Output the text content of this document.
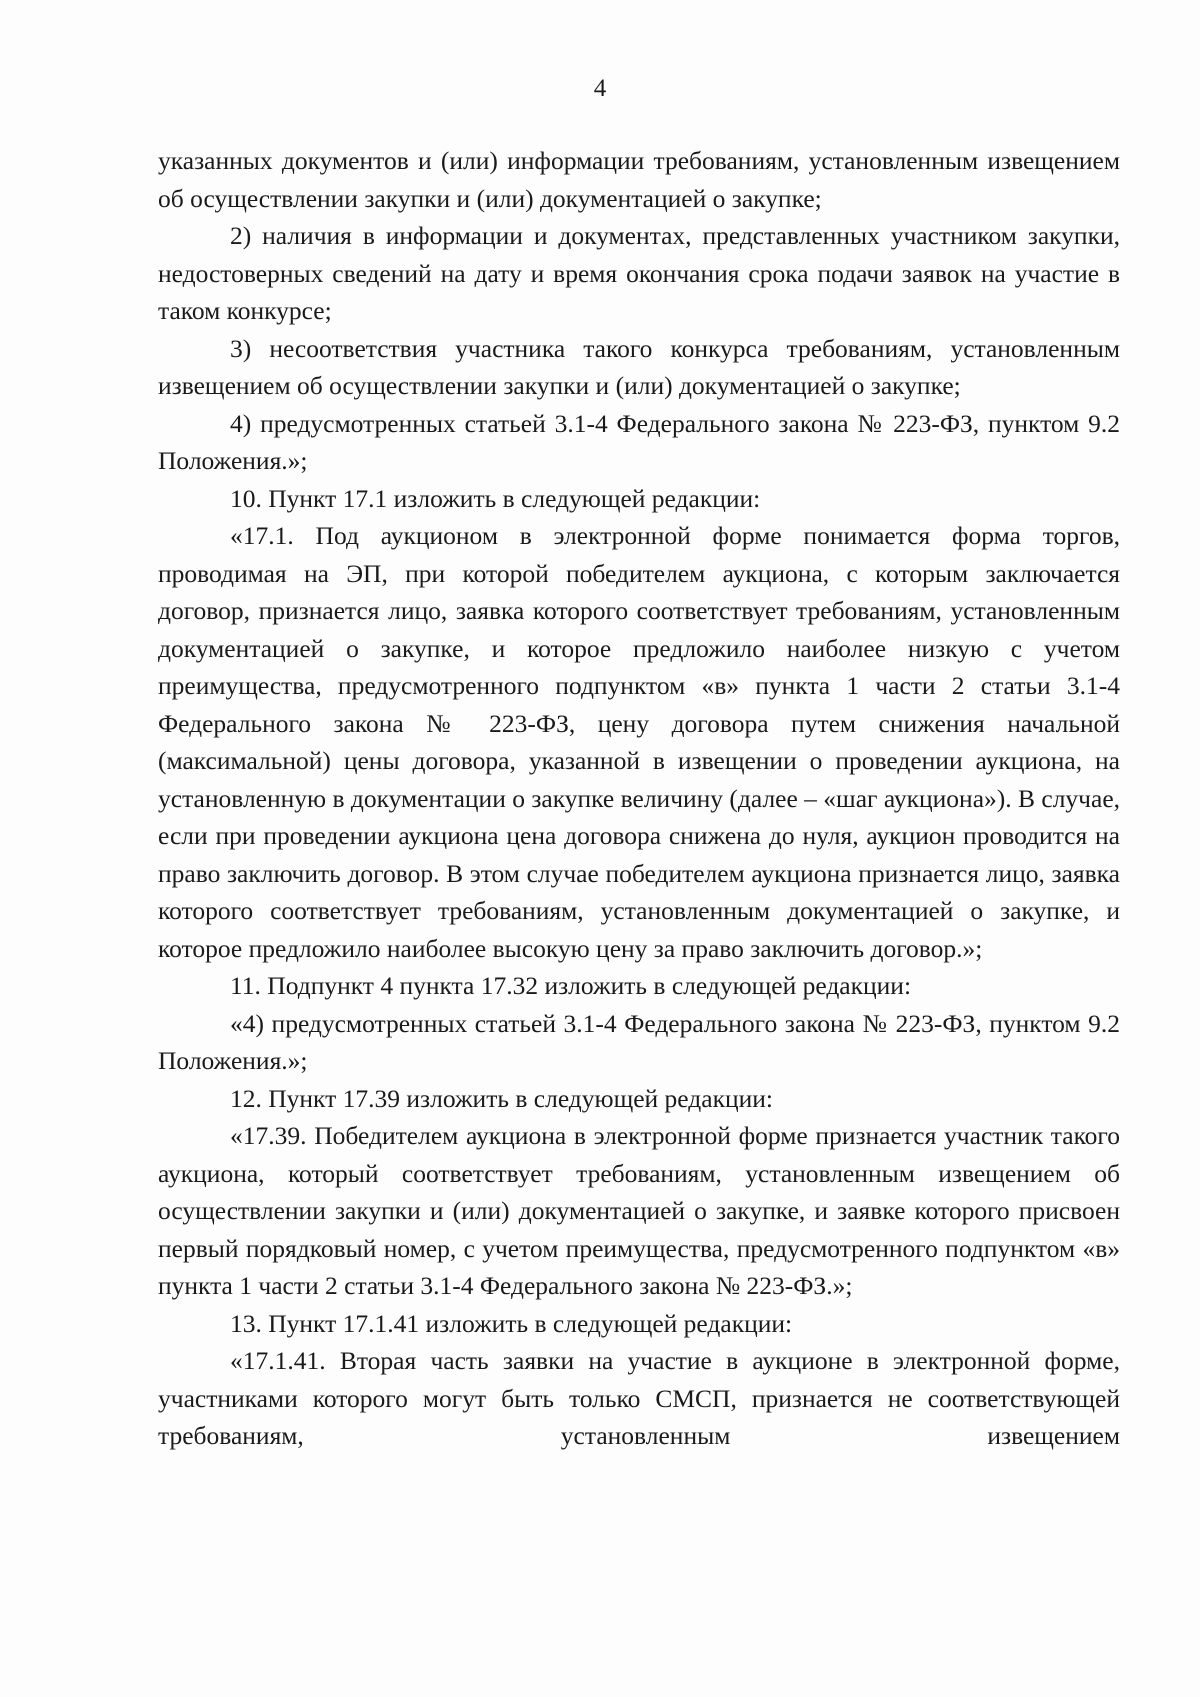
4

указанных документов и (или) информации требованиям, установленным извещением об осуществлении закупки и (или) документацией о закупке;

2) наличия в информации и документах, представленных участником закупки, недостоверных сведений на дату и время окончания срока подачи заявок на участие в таком конкурсе;

3) несоответствия участника такого конкурса требованиям, установленным извещением об осуществлении закупки и (или) документацией о закупке;

4) предусмотренных статьей 3.1-4 Федерального закона № 223-ФЗ, пунктом 9.2 Положения.»;

10. Пункт 17.1 изложить в следующей редакции:

«17.1. Под аукционом в электронной форме понимается форма торгов, проводимая на ЭП, при которой победителем аукциона, с которым заключается договор, признается лицо, заявка которого соответствует требованиям, установленным документацией о закупке, и которое предложило наиболее низкую с учетом преимущества, предусмотренного подпунктом «в» пункта 1 части 2 статьи 3.1-4 Федерального закона № 223-ФЗ, цену договора путем снижения начальной (максимальной) цены договора, указанной в извещении о проведении аукциона, на установленную в документации о закупке величину (далее – «шаг аукциона»). В случае, если при проведении аукциона цена договора снижена до нуля, аукцион проводится на право заключить договор. В этом случае победителем аукциона признается лицо, заявка которого соответствует требованиям, установленным документацией о закупке, и которое предложило наиболее высокую цену за право заключить договор.»;

11. Подпункт 4 пункта 17.32 изложить в следующей редакции:

«4) предусмотренных статьей 3.1-4 Федерального закона № 223-ФЗ, пунктом 9.2 Положения.»;

12. Пункт 17.39 изложить в следующей редакции:

«17.39. Победителем аукциона в электронной форме признается участник такого аукциона, который соответствует требованиям, установленным извещением об осуществлении закупки и (или) документацией о закупке, и заявке которого присвоен первый порядковый номер, с учетом преимущества, предусмотренного подпунктом «в» пункта 1 части 2 статьи 3.1-4 Федерального закона № 223-ФЗ.»;

13. Пункт 17.1.41 изложить в следующей редакции:

«17.1.41. Вторая часть заявки на участие в аукционе в электронной форме, участниками которого могут быть только СМСП, признается не соответствующей требованиям, установленным извещением
